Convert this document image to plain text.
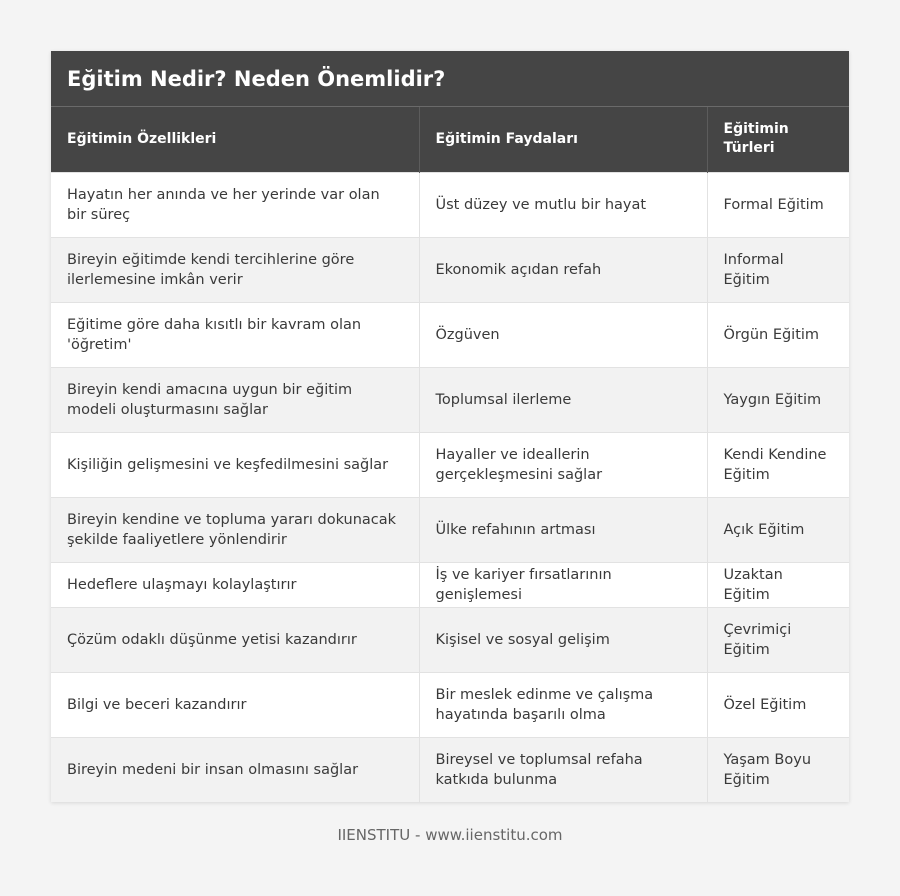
Eğitim Nedir? Neden Önemlidir?
Eğitimin Özellikleri	Eğitimin Faydaları	Eğitimin Türleri
Hayatın her anında ve her yerinde var olan bir süreç	Üst düzey ve mutlu bir hayat	Formal Eğitim
Bireyin eğitimde kendi tercihlerine göre ilerlemesine imkân verir	Ekonomik açıdan refah	Informal Eğitim
Eğitime göre daha kısıtlı bir kavram olan 'öğretim'	Özgüven	Örgün Eğitim
Bireyin kendi amacına uygun bir eğitim modeli oluşturmasını sağlar	Toplumsal ilerleme	Yaygın Eğitim
Kişiliğin gelişmesini ve keşfedilmesini sağlar	Hayaller ve ideallerin gerçekleşmesini sağlar	Kendi Kendine Eğitim
Bireyin kendine ve topluma yararı dokunacak şekilde faaliyetlere yönlendirir	Ülke refahının artması	Açık Eğitim
Hedeflere ulaşmayı kolaylaştırır	İş ve kariyer fırsatlarının genişlemesi	Uzaktan Eğitim
Çözüm odaklı düşünme yetisi kazandırır	Kişisel ve sosyal gelişim	Çevrimiçi Eğitim
Bilgi ve beceri kazandırır	Bir meslek edinme ve çalışma hayatında başarılı olma	Özel Eğitim
Bireyin medeni bir insan olmasını sağlar	Bireysel ve toplumsal refaha katkıda bulunma	Yaşam Boyu Eğitim
IIENSTITU - www.iienstitu.com
